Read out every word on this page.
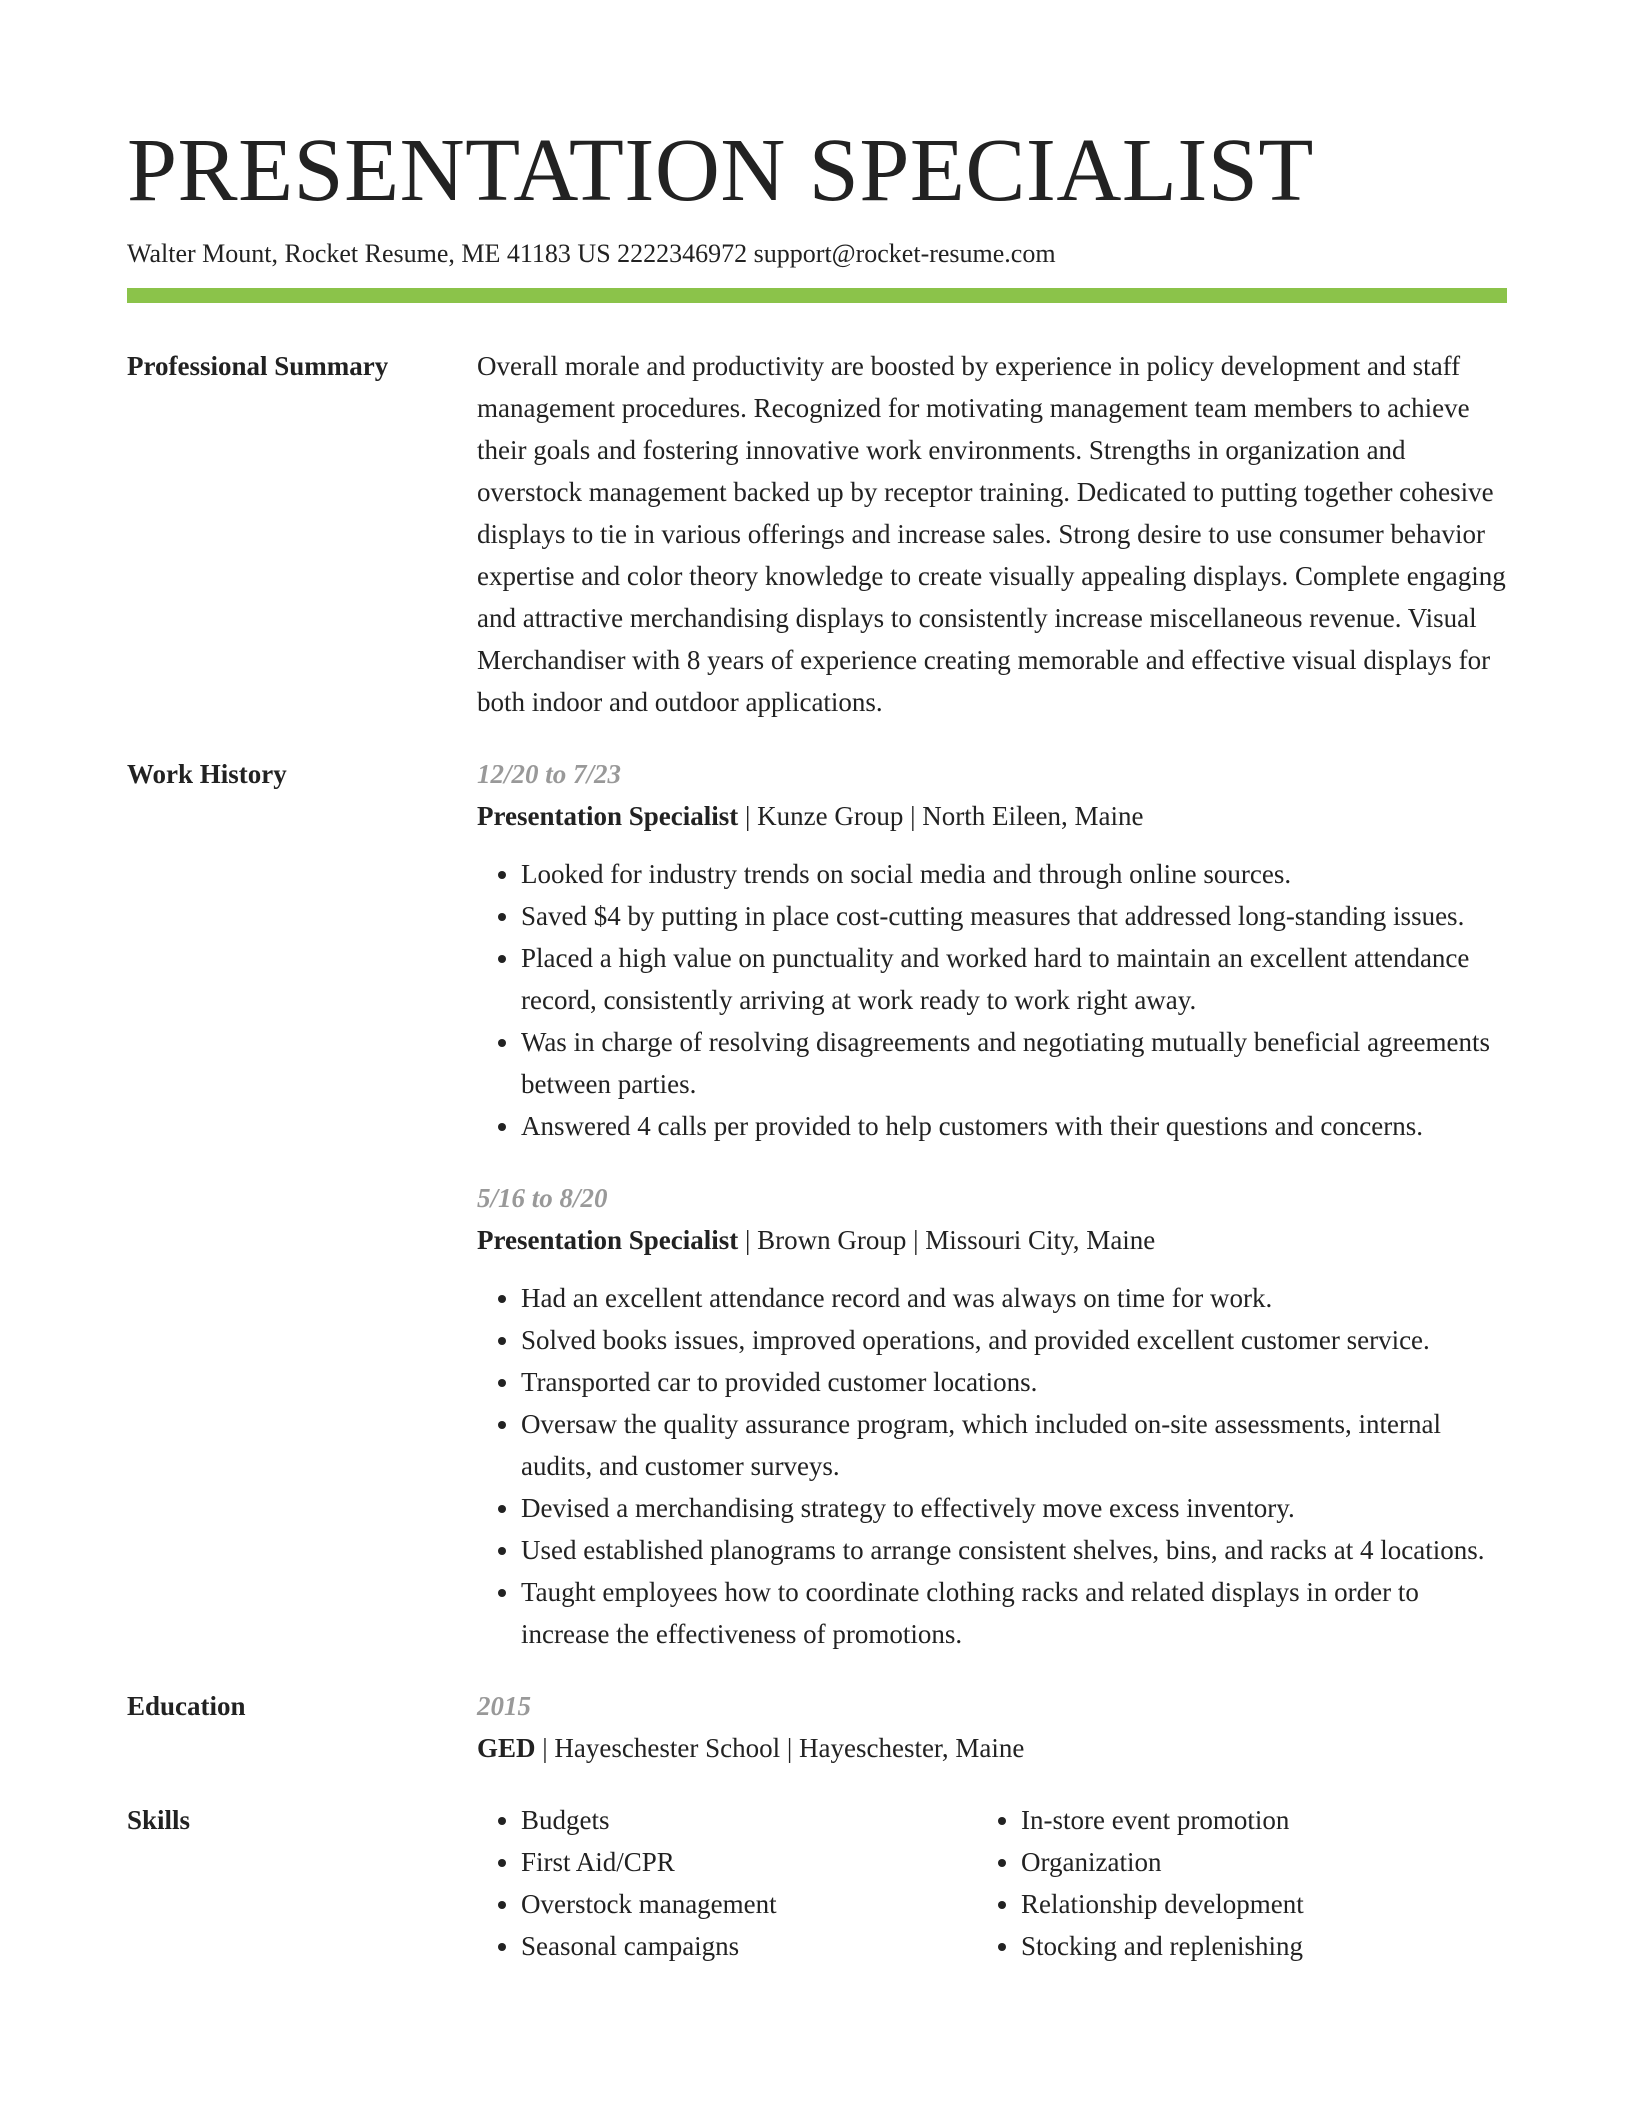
PRESENTATION SPECIALIST
Walter Mount, Rocket Resume, ME 41183 US 2222346972 support@rocket-resume.com
Professional Summary	Overall morale and productivity are boosted by experience in policy development and staff management procedures. Recognized for motivating management team members to achieve their goals and fostering innovative work environments. Strengths in organization and overstock management backed up by receptor training. Dedicated to putting together cohesive displays to tie in various offerings and increase sales. Strong desire to use consumer behavior expertise and color theory knowledge to create visually appealing displays. Complete engaging and attractive merchandising displays to consistently increase miscellaneous revenue. Visual Merchandiser with 8 years of experience creating memorable and effective visual displays for both indoor and outdoor applications.

Work History	12/20 to 7/23
Presentation Specialist | Kunze Group | North Eileen, Maine
• Looked for industry trends on social media and through online sources.
• Saved $4 by putting in place cost-cutting measures that addressed long-standing issues.
• Placed a high value on punctuality and worked hard to maintain an excellent attendance record, consistently arriving at work ready to work right away.
• Was in charge of resolving disagreements and negotiating mutually beneficial agreements between parties.
• Answered 4 calls per provided to help customers with their questions and concerns.
5/16 to 8/20
Presentation Specialist | Brown Group | Missouri City, Maine
• Had an excellent attendance record and was always on time for work.
• Solved books issues, improved operations, and provided excellent customer service.
• Transported car to provided customer locations.
• Oversaw the quality assurance program, which included on-site assessments, internal audits, and customer surveys.
• Devised a merchandising strategy to effectively move excess inventory.
• Used established planograms to arrange consistent shelves, bins, and racks at 4 locations.
• Taught employees how to coordinate clothing racks and related displays in order to increase the effectiveness of promotions.
Education	2015
GED | Hayeschester School | Hayeschester, Maine
Skills
•	Budgets
• First Aid/CPR
• Overstock management
• Seasonal campaigns
• In-store event promotion
• Organization
• Relationship development
• Stocking and replenishing
